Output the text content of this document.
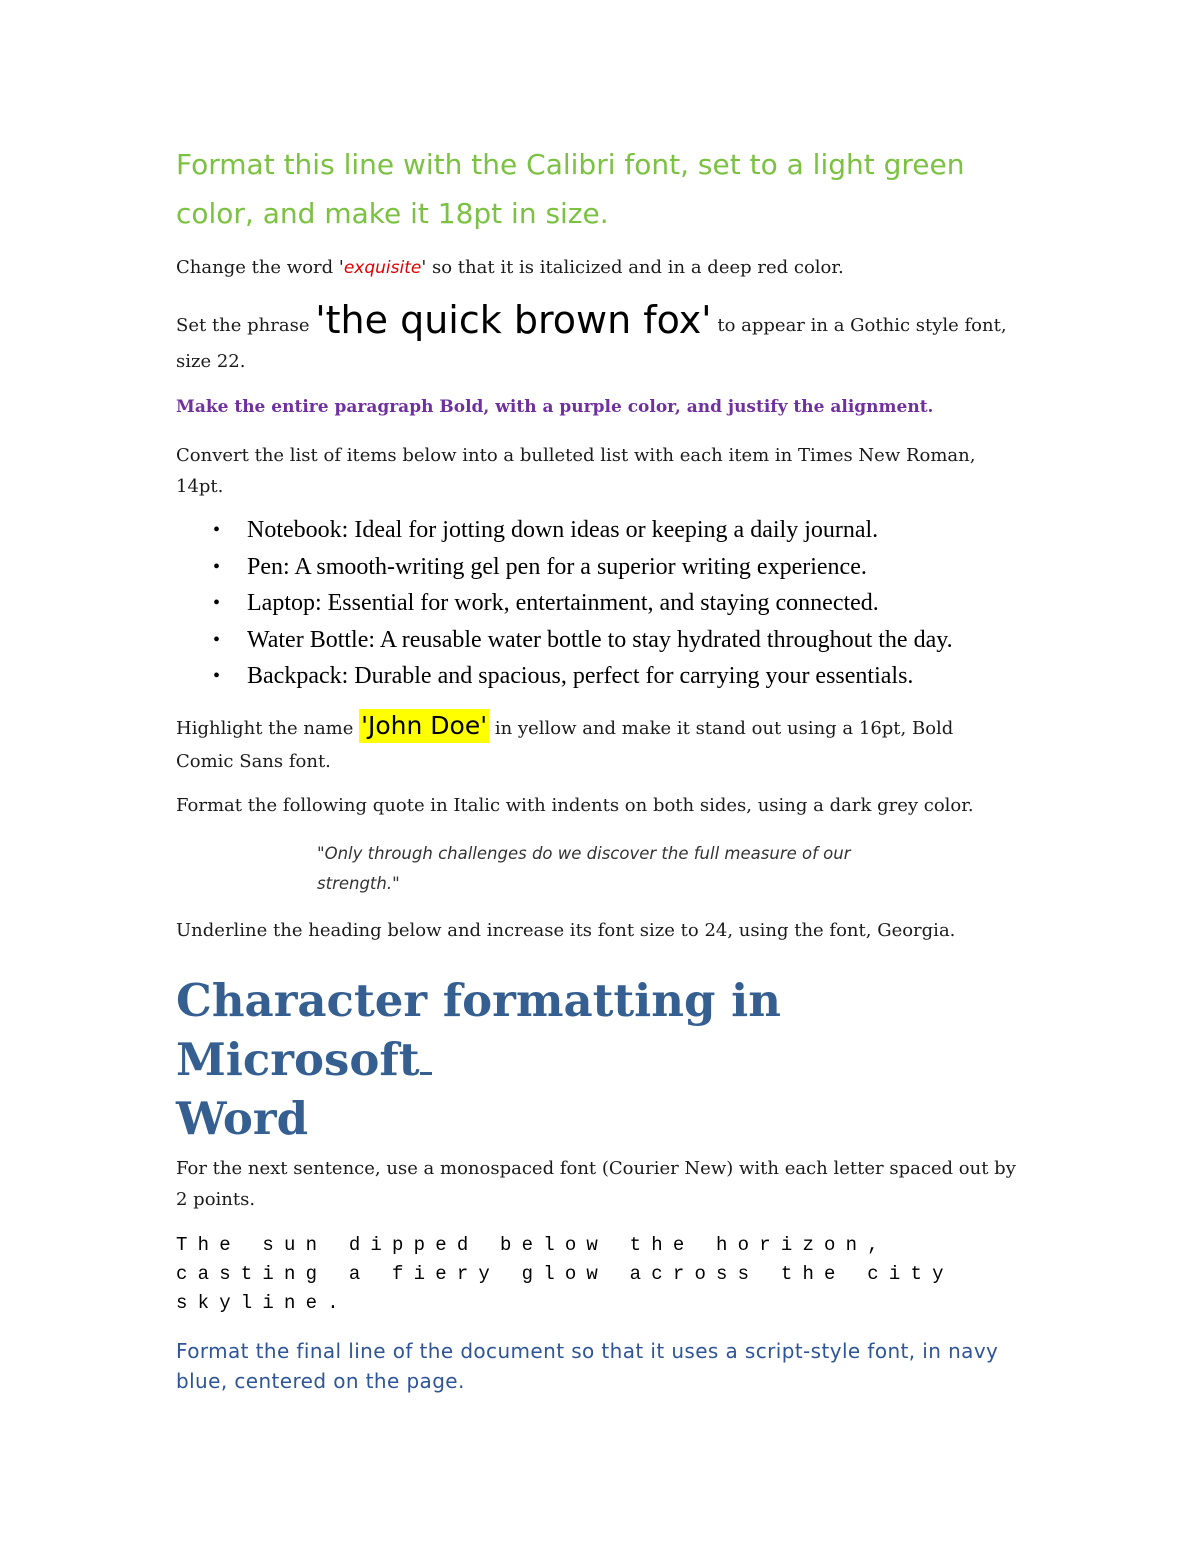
Format this line with the Calibri font, set to a light green color, and make it 18pt in size.

Change the word 'exquisite' so that it is italicized and in a deep red color.

Set the phrase 'the quick brown fox' to appear in a Gothic style font, size 22.

Make the entire paragraph Bold, with a purple color, and justify the alignment.

Convert the list of items below into a bulleted list with each item in Times New Roman, 14pt.

• Notebook: Ideal for jotting down ideas or keeping a daily journal.
• Pen: A smooth-writing gel pen for a superior writing experience.
• Laptop: Essential for work, entertainment, and staying connected.
• Water Bottle: A reusable water bottle to stay hydrated throughout the day.
• Backpack: Durable and spacious, perfect for carrying your essentials.

Highlight the name 'John Doe' in yellow and make it stand out using a 16pt, Bold Comic Sans font.

Format the following quote in Italic with indents on both sides, using a dark grey color.

"Only through challenges do we discover the full measure of our strength."

Underline the heading below and increase its font size to 24, using the font, Georgia.

Character formatting in Microsoft
Word

For the next sentence, use a monospaced font (Courier New) with each letter spaced out by 2 points.

The sun dipped below the horizon, casting a fiery glow across the city skyline.

Format the final line of the document so that it uses a script-style font, in navy blue, centered on the page.
